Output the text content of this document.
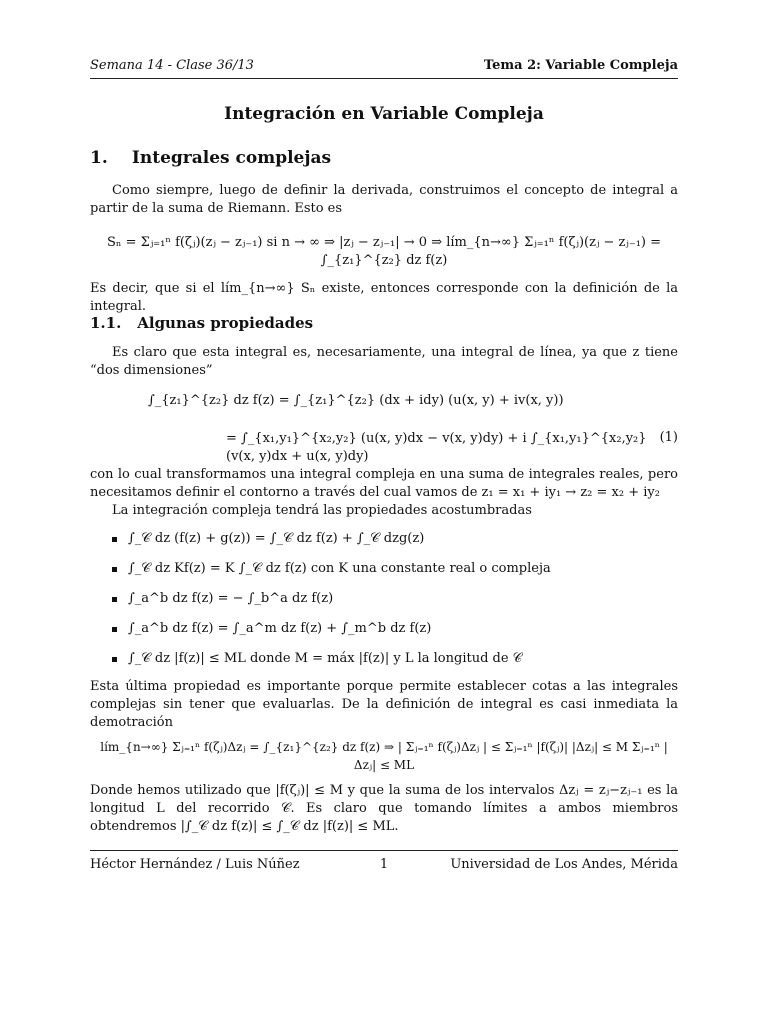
Semana 14 - Clase 36/13	Tema 2: Variable Compleja
Integración en Variable Compleja
1. Integrales complejas
Como siempre, luego de definir la derivada, construimos el concepto de integral a partir de la suma de Riemann. Esto es
Sₙ = Σⱼ₌₁ⁿ f(ζⱼ)(zⱼ − zⱼ₋₁) si n → ∞ ⇒ |zⱼ − zⱼ₋₁| → 0 ⇒ lím_{n→∞} Σⱼ₌₁ⁿ f(ζⱼ)(zⱼ − zⱼ₋₁) = ∫_{z₁}^{z₂} dz f(z)
Es decir, que si el lím_{n→∞} Sₙ existe, entonces corresponde con la definición de la integral.
1.1. Algunas propiedades
Es claro que esta integral es, necesariamente, una integral de línea, ya que z tiene “dos dimensiones”
∫_{z₁}^{z₂} dz f(z) = ∫_{z₁}^{z₂} (dx + idy) (u(x, y) + iv(x, y))
= ∫_{x₁,y₁}^{x₂,y₂} (u(x, y)dx − v(x, y)dy) + i ∫_{x₁,y₁}^{x₂,y₂} (v(x, y)dx + u(x, y)dy)
(1)
con lo cual transformamos una integral compleja en una suma de integrales reales, pero necesitamos definir el contorno a través del cual vamos de z₁ = x₁ + iy₁ → z₂ = x₂ + iy₂
La integración compleja tendrá las propiedades acostumbradas
∫_𝒞 dz (f(z) + g(z)) = ∫_𝒞 dz f(z) + ∫_𝒞 dzg(z)
∫_𝒞 dz Kf(z) = K ∫_𝒞 dz f(z) con K una constante real o compleja
∫_a^b dz f(z) = − ∫_b^a dz f(z)
∫_a^b dz f(z) = ∫_a^m dz f(z) + ∫_m^b dz f(z)
∫_𝒞 dz |f(z)| ≤ ML donde M = máx |f(z)| y L la longitud de 𝒞
Esta última propiedad es importante porque permite establecer cotas a las integrales complejas sin tener que evaluarlas. De la definición de integral es casi inmediata la demotración
lím_{n→∞} Σⱼ₌₁ⁿ f(ζⱼ)Δzⱼ = ∫_{z₁}^{z₂} dz f(z) ⇒ | Σⱼ₌₁ⁿ f(ζⱼ)Δzⱼ | ≤ Σⱼ₌₁ⁿ |f(ζⱼ)| |Δzⱼ| ≤ M Σⱼ₌₁ⁿ |Δzⱼ| ≤ ML
Donde hemos utilizado que |f(ζⱼ)| ≤ M y que la suma de los intervalos Δzⱼ = zⱼ−zⱼ₋₁ es la longitud L del recorrido 𝒞. Es claro que tomando límites a ambos miembros obtendremos |∫_𝒞 dz f(z)| ≤ ∫_𝒞 dz |f(z)| ≤ ML.
Héctor Hernández / Luis Núñez	1	Universidad de Los Andes, Mérida
